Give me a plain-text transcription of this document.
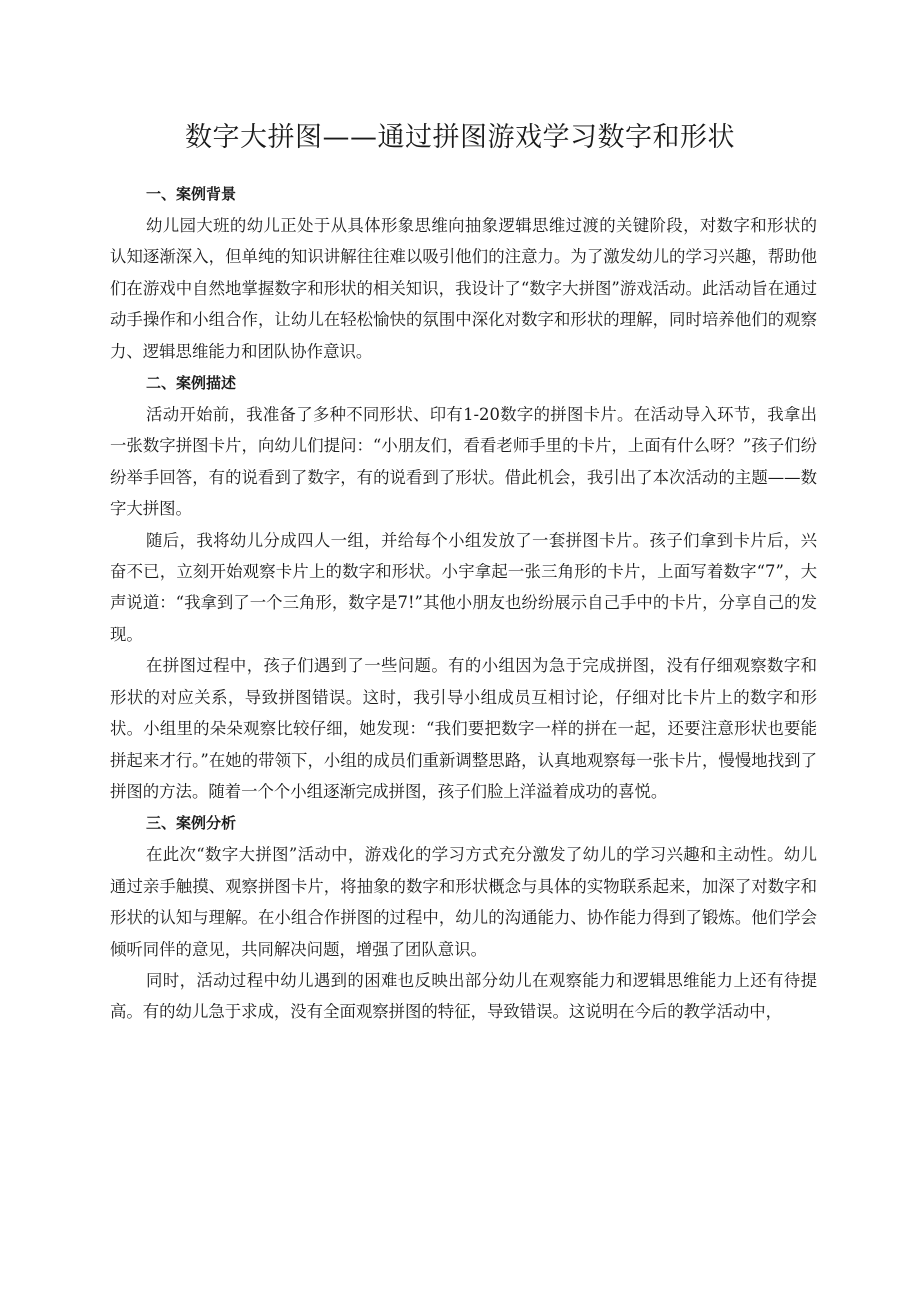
数字大拼图——通过拼图游戏学习数字和形状
一、案例背景

幼儿园大班的幼儿正处于从具体形象思维向抽象逻辑思维过渡的关键阶段，对数字和形状的认知逐渐深入，但单纯的知识讲解往往难以吸引他们的注意力。为了激发幼儿的学习兴趣，帮助他们在游戏中自然地掌握数字和形状的相关知识，我设计了“数字大拼图”游戏活动。此活动旨在通过动手操作和小组合作，让幼儿在轻松愉快的氛围中深化对数字和形状的理解，同时培养他们的观察力、逻辑思维能力和团队协作意识。

二、案例描述

活动开始前，我准备了多种不同形状、印有1-20数字的拼图卡片。在活动导入环节，我拿出一张数字拼图卡片，向幼儿们提问：“小朋友们，看看老师手里的卡片，上面有什么呀？”孩子们纷纷举手回答，有的说看到了数字，有的说看到了形状。借此机会，我引出了本次活动的主题——数字大拼图。

随后，我将幼儿分成四人一组，并给每个小组发放了一套拼图卡片。孩子们拿到卡片后，兴奋不已，立刻开始观察卡片上的数字和形状。小宇拿起一张三角形的卡片，上面写着数字“7”，大声说道：“我拿到了一个三角形，数字是7!”其他小朋友也纷纷展示自己手中的卡片，分享自己的发现。

在拼图过程中，孩子们遇到了一些问题。有的小组因为急于完成拼图，没有仔细观察数字和形状的对应关系，导致拼图错误。这时，我引导小组成员互相讨论，仔细对比卡片上的数字和形状。小组里的朵朵观察比较仔细，她发现：“我们要把数字一样的拼在一起，还要注意形状也要能拼起来才行。”在她的带领下，小组的成员们重新调整思路，认真地观察每一张卡片，慢慢地找到了拼图的方法。随着一个个小组逐渐完成拼图，孩子们脸上洋溢着成功的喜悦。

三、案例分析

在此次“数字大拼图”活动中，游戏化的学习方式充分激发了幼儿的学习兴趣和主动性。幼儿通过亲手触摸、观察拼图卡片，将抽象的数字和形状概念与具体的实物联系起来，加深了对数字和形状的认知与理解。在小组合作拼图的过程中，幼儿的沟通能力、协作能力得到了锻炼。他们学会倾听同伴的意见，共同解决问题，增强了团队意识。

同时，活动过程中幼儿遇到的困难也反映出部分幼儿在观察能力和逻辑思维能力上还有待提高。有的幼儿急于求成，没有全面观察拼图的特征，导致错误。这说明在今后的教学活动中，
